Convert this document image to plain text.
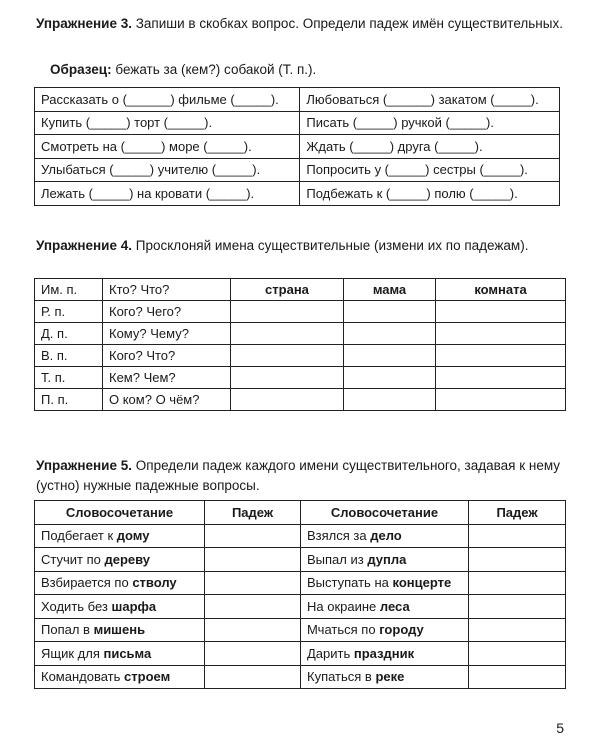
Упражнение 3. Запиши в скобках вопрос. Определи падеж имён существительных.
Образец: бежать за (кем?) собакой (Т. п.).
Рассказать о (______) фильме (_____).	Любоваться (______) закатом (_____).
Купить (_____) торт (_____).	Писать (_____) ручкой (_____).
Смотреть на (_____) море (_____).	Ждать (_____) друга (_____).
Улыбаться (_____) учителю (_____).	Попросить у (_____) сестры (_____).
Лежать (_____) на кровати (_____).	Подбежать к (_____) полю (_____).
Упражнение 4. Просклоняй имена существительные (измени их по падежам).
Им. п.	Кто? Что?	страна	мама	комната
Р. п.	Кого? Чего?			
Д. п.	Кому? Чему?			
В. п.	Кого? Что?			
Т. п.	Кем? Чем?			
П. п.	О ком? О чём?			
Упражнение 5. Определи падеж каждого имени существительного, задавая к нему (устно) нужные падежные вопросы.
Словосочетание	Падеж	Словосочетание	Падеж
Подбегает к дому		Взялся за дело	
Стучит по дереву		Выпал из дупла	
Взбирается по стволу		Выступать на концерте	
Ходить без шарфа		На окраине леса	
Попал в мишень		Мчаться по городу	
Ящик для письма		Дарить праздник	
Командовать строем		Купаться в реке	
5
